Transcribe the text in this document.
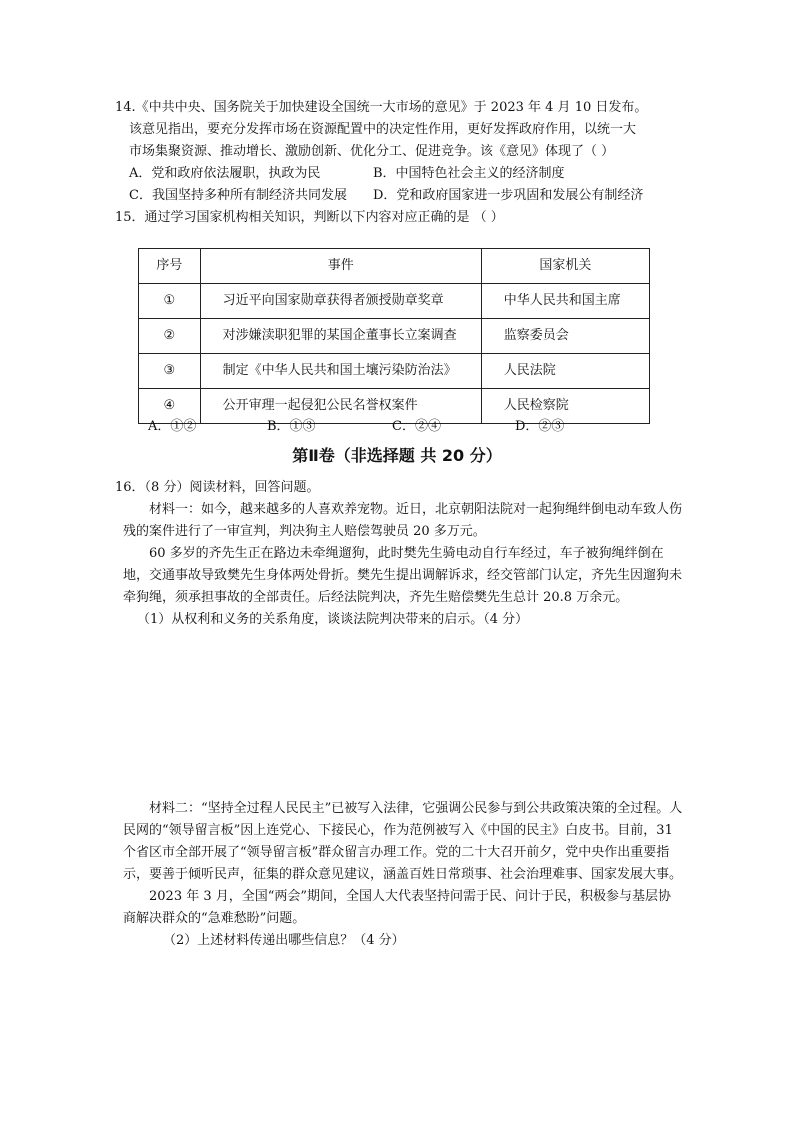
14.《中共中央、国务院关于加快建设全国统一大市场的意见》于 2023 年 4 月 10 日发布。
该意见指出，要充分发挥市场在资源配置中的决定性作用，更好发挥政府作用，以统一大
市场集聚资源、推动增长、激励创新、优化分工、促进竞争。该《意见》体现了（ ）
A．党和政府依法履职，执政为民	B．中国特色社会主义的经济制度
C．我国坚持多种所有制经济共同发展	D．党和政府国家进一步巩固和发展公有制经济
15．通过学习国家机构相关知识，判断以下内容对应正确的是 （ ）
序号	事件	国家机关
①	习近平向国家勋章获得者颁授勋章奖章	中华人民共和国主席
②	对涉嫌渎职犯罪的某国企董事长立案调查	监察委员会
③	制定《中华人民共和国土壤污染防治法》	人民法院
④	公开审理一起侵犯公民名誉权案件	人民检察院
A．①②	B．①③	C．②④	D．②③
第Ⅱ卷（非选择题 共 20 分）
16．（8 分）阅读材料，回答问题。

材料一：如今，越来越多的人喜欢养宠物。近日，北京朝阳法院对一起狗绳绊倒电动车致人伤残的案件进行了一审宣判，判决狗主人赔偿驾驶员 20 多万元。

60 多岁的齐先生正在路边未牵绳遛狗，此时樊先生骑电动自行车经过，车子被狗绳绊倒在地，交通事故导致樊先生身体两处骨折。樊先生提出调解诉求，经交管部门认定，齐先生因遛狗未牵狗绳，须承担事故的全部责任。后经法院判决，齐先生赔偿樊先生总计 20.8 万余元。

（1）从权利和义务的关系角度，谈谈法院判决带来的启示。（4 分）

材料二：“坚持全过程人民民主”已被写入法律，它强调公民参与到公共政策决策的全过程。人民网的“领导留言板”因上连党心、下接民心，作为范例被写入《中国的民主》白皮书。目前，31 个省区市全部开展了“领导留言板”群众留言办理工作。党的二十大召开前夕，党中央作出重要指示，要善于倾听民声，征集的群众意见建议，涵盖百姓日常琐事、社会治理难事、国家发展大事。

2023 年 3 月，全国“两会”期间，全国人大代表坚持问需于民、问计于民，积极参与基层协商解决群众的“急难愁盼”问题。

（2）上述材料传递出哪些信息？（4 分）
